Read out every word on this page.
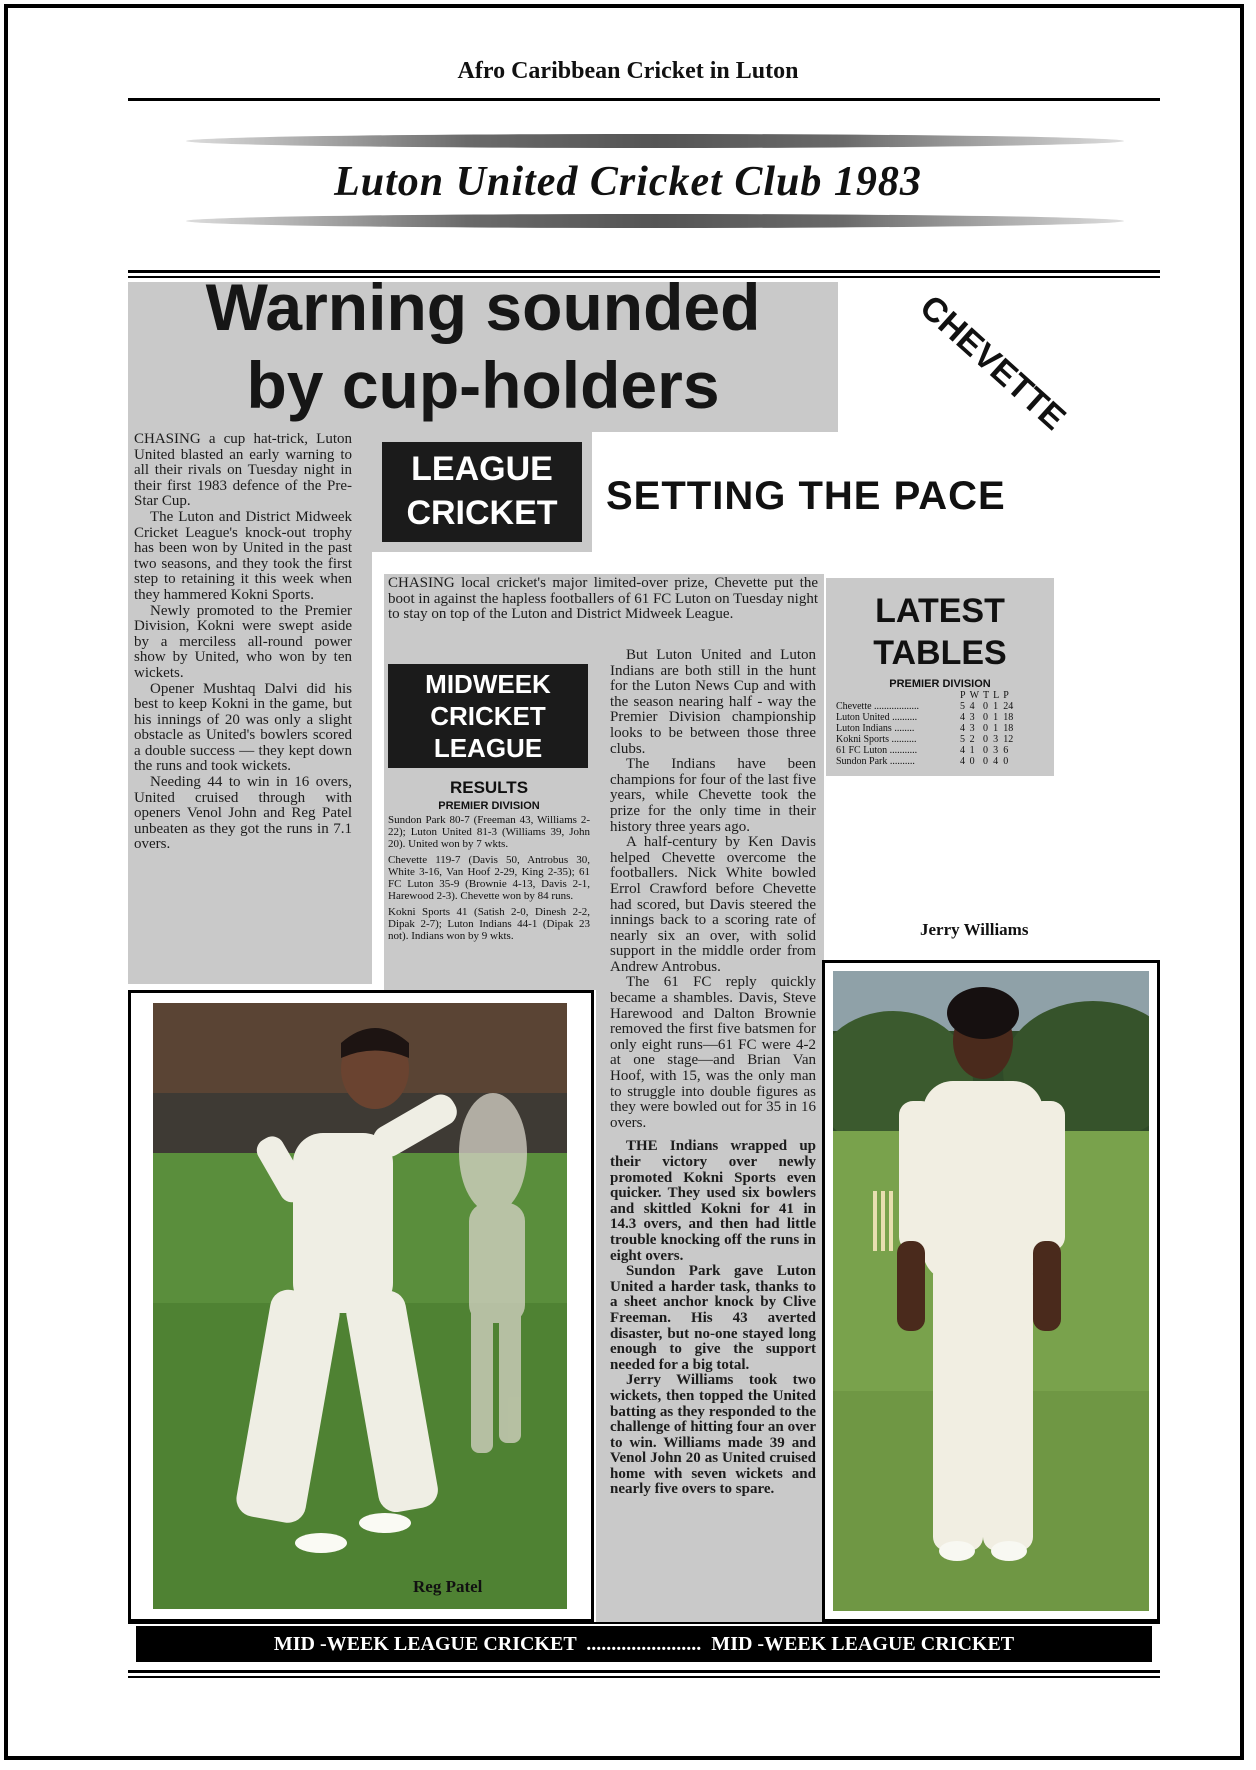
Afro Caribbean Cricket in Luton
Luton United Cricket Club 1983
Warning sounded
by cup-holders

CHASING a cup hat-trick, Luton United blasted an early warning to all their rivals on Tuesday night in their first 1983 defence of the Pre-Star Cup.

The Luton and District Midweek Cricket League's knock-out trophy has been won by United in the past two seasons, and they took the first step to retaining it this week when they hammered Kokni Sports.

Newly promoted to the Premier Division, Kokni were swept aside by a merciless all-round power show by United, who won by ten wickets.

Opener Mushtaq Dalvi did his best to keep Kokni in the game, but his innings of 20 was only a slight obstacle as United's bowlers scored a double success — they kept down the runs and took wickets.

Needing 44 to win in 16 overs, United cruised through with openers Venol John and Reg Patel unbeaten as they got the runs in 7.1 overs.

LEAGUE
CRICKET	SETTING THE PACE
CHEVETTE
CHASING local cricket's major limited-over prize, Chevette put the boot in against the hapless footballers of 61 FC Luton on Tuesday night to stay on top of the Luton and District Midweek League.
MIDWEEK
CRICKET
LEAGUE
RESULTS
PREMIER DIVISION
Sundon Park 80-7 (Freeman 43, Williams 2-22); Luton United 81-3 (Williams 39, John 20). United won by 7 wkts.
Chevette 119-7 (Davis 50, Antrobus 30, White 3-16, Van Hoof 2-29, King 2-35); 61 FC Luton 35-9 (Brownie 4-13, Davis 2-1, Harewood 2-3). Chevette won by 84 runs.
Kokni Sports 41 (Satish 2-0, Dinesh 2-2, Dipak 2-7); Luton Indians 44-1 (Dipak 23 not). Indians won by 9 wkts.

But Luton United and Luton Indians are both still in the hunt for the Luton News Cup and with the season nearing half - way the Premier Division championship looks to be between those three clubs.

The Indians have been champions for four of the last five years, while Chevette took the prize for the only time in their history three years ago.

A half-century by Ken Davis helped Chevette overcome the footballers. Nick White bowled Errol Crawford before Chevette had scored, but Davis steered the innings back to a scoring rate of nearly six an over, with solid support in the middle order from Andrew Antrobus.

The 61 FC reply quickly became a shambles. Davis, Steve Harewood and Dalton Brownie removed the first five batsmen for only eight runs—61 FC were 4-2 at one stage—and Brian Van Hoof, with 15, was the only man to struggle into double figures as they were bowled out for 35 in 16 overs.

THE Indians wrapped up their victory over newly promoted Kokni Sports even quicker. They used six bowlers and skittled Kokni for 41 in 14.3 overs, and then had little trouble knocking off the runs in eight overs.

Sundon Park gave Luton United a harder task, thanks to a sheet anchor knock by Clive Freeman. His 43 averted disaster, but no-one stayed long enough to give the support needed for a big total.

Jerry Williams took two wickets, then topped the United batting as they responded to the challenge of hitting four an over to win. Williams made 39 and Venol John 20 as United cruised home with seven wickets and nearly five overs to spare.

LATEST
TABLES
PREMIER DIVISION
	P	W	T	L	P
Chevette ..................	5	4	0	1	24
Luton United ..........	4	3	0	1	18
Luton Indians ........	4	3	0	1	18
Kokni Sports ..........	5	2	0	3	12
61 FC Luton ...........	4	1	0	3	6
Sundon Park ..........	4	0	0	4	0
Jerry Williams
Reg Patel
MID -WEEK LEAGUE CRICKET  .......................  MID -WEEK LEAGUE CRICKET
